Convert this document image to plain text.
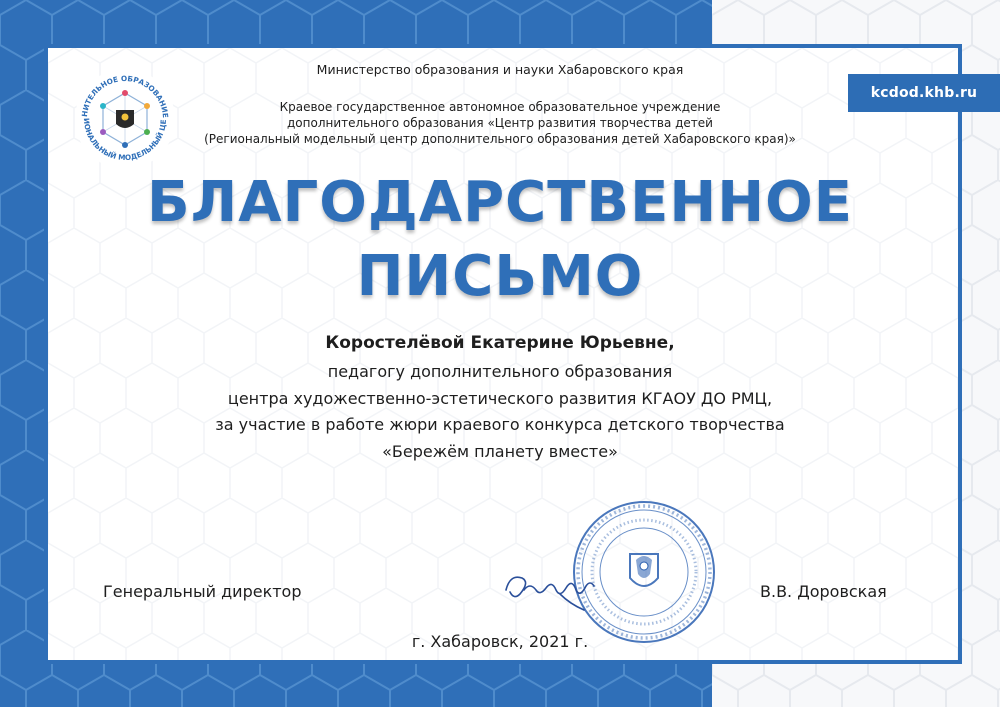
kcdod.khb.ru
НИТЕЛЬНОЕ ОБРАЗОВАНИЕ
ИОНАЛЬНЫЙ МОДЕЛЬНЫЙ ЦЕ
Министерство образования и науки Хабаровского края
Краевое государственное автономное образовательное учреждение
дополнительного образования «Центр развития творчества детей
(Региональный модельный центр дополнительного образования детей Хабаровского края)»
БЛАГОДАРСТВЕННОЕ
ПИСЬМО
Коростелёвой Екатерине Юрьевне,
педагогу дополнительного образования
центра художественно-эстетического развития КГАОУ ДО РМЦ,
за участие в работе жюри краевого конкурса детского творчества
«Бережём планету вместе»
Генеральный директор	В.В. Доровская
г. Хабаровск, 2021 г.
